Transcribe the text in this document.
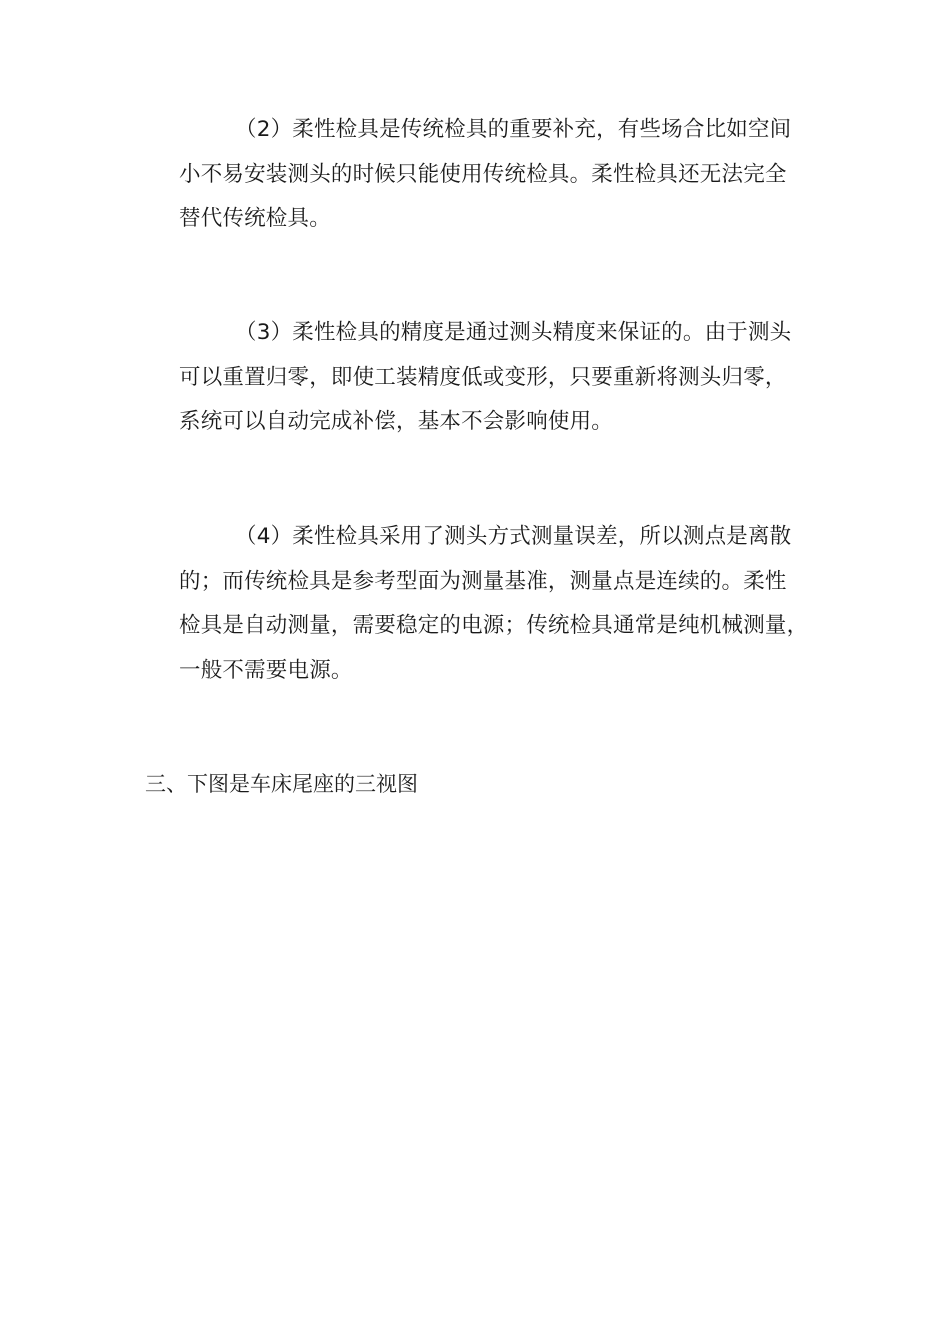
（2）柔性检具是传统检具的重要补充，有些场合比如空间
小不易安装测头的时候只能使用传统检具。柔性检具还无法完全
替代传统检具。

（3）柔性检具的精度是通过测头精度来保证的。由于测头
可以重置归零，即使工装精度低或变形，只要重新将测头归零，
系统可以自动完成补偿，基本不会影响使用。

（4）柔性检具采用了测头方式测量误差，所以测点是离散
的；而传统检具是参考型面为测量基准，测量点是连续的。柔性
检具是自动测量，需要稳定的电源；传统检具通常是纯机械测量，
一般不需要电源。

三、下图是车床尾座的三视图
